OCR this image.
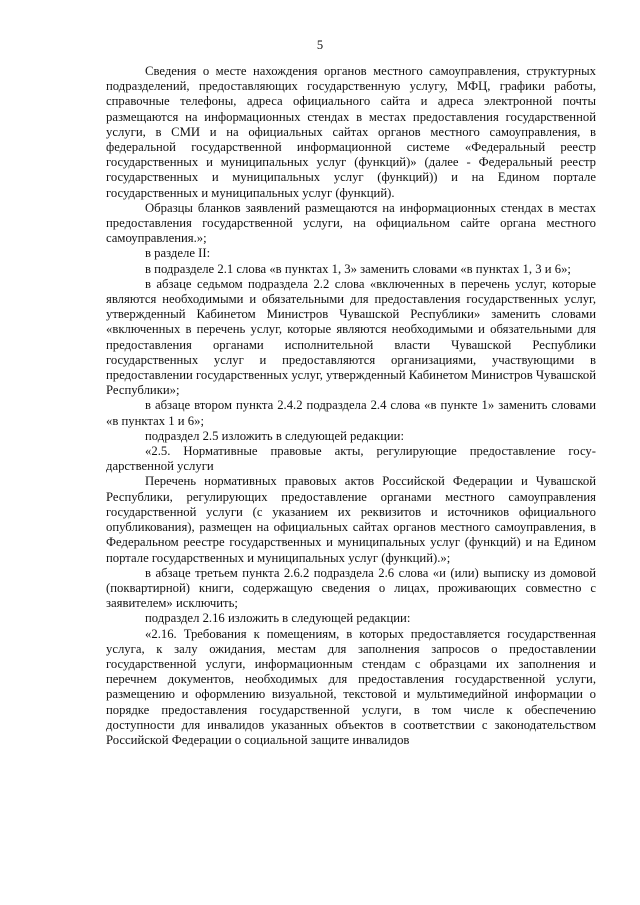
5

Сведения о месте нахождения органов местного самоуправления, структурных подразделений, предоставляющих государственную услугу, МФЦ, графики работы, справочные телефоны, адреса официального сайта и адреса электронной почты размещаются на информационных стендах в местах предоставления государственной услуги, в СМИ и на официальных сайтах органов местного самоуправления, в федеральной государственной информационной системе «Федеральный реестр государственных и муниципальных услуг (функций)» (далее - Федеральный реестр государственных и муниципальных услуг (функций)) и на Едином портале государственных и муниципальных услуг (функций).

Образцы бланков заявлений размещаются на информационных стендах в местах предоставления государственной услуги, на официальном сайте органа местного самоуправления.»;

в разделе II:

в подразделе 2.1 слова «в пунктах 1, 3» заменить словами «в пунктах 1, 3 и 6»;

в абзаце седьмом подраздела 2.2 слова «включенных в перечень услуг, которые являются необходимыми и обязательными для предоставления государственных услуг, утвержденный Кабинетом Министров Чувашской Республики» заменить словами «включенных в перечень услуг, которые являются необходимыми и обязательными для предоставления органами исполнительной власти Чувашской Республики государственных услуг и предоставляются организациями, участвующими в предоставлении государственных услуг, утвержденный Кабинетом Министров Чувашской Республики»;

в абзаце втором пункта 2.4.2 подраздела 2.4 слова «в пункте 1» заменить словами «в пунктах 1 и 6»;

подраздел 2.5 изложить в следующей редакции:

«2.5. Нормативные правовые акты, регулирующие предоставление государственной услуги

Перечень нормативных правовых актов Российской Федерации и Чувашской Республики, регулирующих предоставление органами местного самоуправления государственной услуги (с указанием их реквизитов и источников официального опубликования), размещен на официальных сайтах органов местного самоуправления, в Федеральном реестре государственных и муниципальных услуг (функций) и на Едином портале государственных и муниципальных услуг (функций).»;

в абзаце третьем пункта 2.6.2 подраздела 2.6 слова «и (или) выписку из домовой (поквартирной) книги, содержащую сведения о лицах, проживающих совместно с заявителем» исключить;

подраздел 2.16 изложить в следующей редакции:

«2.16. Требования к помещениям, в которых предоставляется государственная услуга, к залу ожидания, местам для заполнения запросов о предоставлении государственной услуги, информационным стендам с образцами их заполнения и перечнем документов, необходимых для предоставления государственной услуги, размещению и оформлению визуальной, текстовой и мультимедийной информации о порядке предоставления государственной услуги, в том числе к обеспечению доступности для инвалидов указанных объектов в соответствии с законодательством Российской Федерации о социальной защите инвалидов
